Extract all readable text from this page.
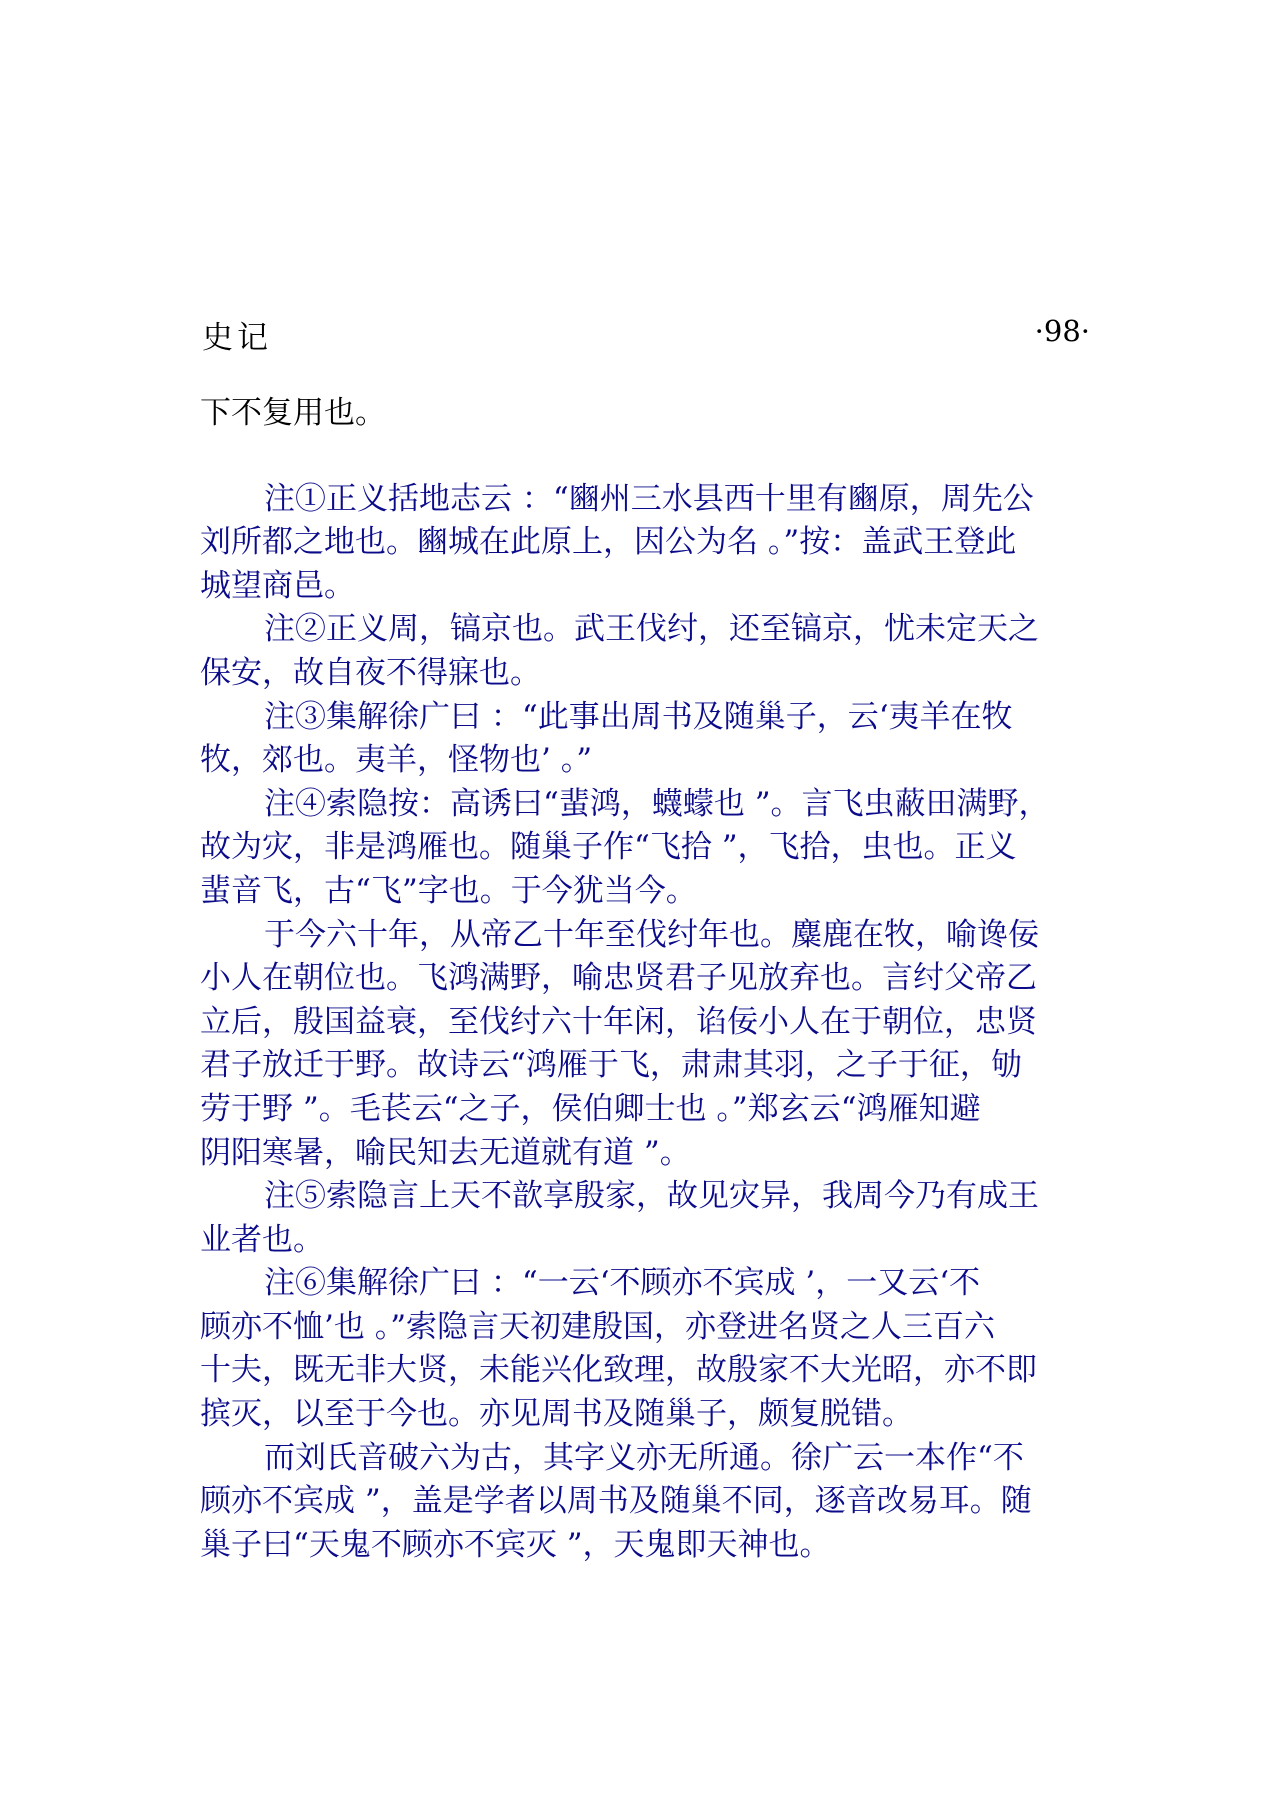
史记	·98·

下不复用也。

注①正义括地志云 ：“豳州三水县西十里有豳原，周先公

刘所都之地也。豳城在此原上，因公为名 。”按：盖武王登此

城望商邑。

注②正义周，镐京也。武王伐纣，还至镐京，忧未定天之

保安，故自夜不得寐也。

注③集解徐广曰 ：“此事出周书及随巢子，云‘夷羊在牧

牧，郊也。夷羊，怪物也’ 。”

注④索隐按：高诱曰“蜚鸿，蠛蠓也 ”。言飞虫蔽田满野，

故为灾，非是鸿雁也。随巢子作“飞拾 ”，飞拾，虫也。正义

蜚音飞，古“飞”字也。于今犹当今。

于今六十年，从帝乙十年至伐纣年也。麋鹿在牧，喻谗佞

小人在朝位也。飞鸿满野，喻忠贤君子见放弃也。言纣父帝乙

立后，殷国益衰，至伐纣六十年闲，谄佞小人在于朝位，忠贤

君子放迁于野。故诗云“鸿雁于飞，肃肃其羽，之子于征，劬

劳于野 ”。毛苌云“之子，侯伯卿士也 。”郑玄云“鸿雁知避

阴阳寒暑，喻民知去无道就有道 ”。

注⑤索隐言上天不歆享殷家，故见灾异，我周今乃有成王

业者也。

注⑥集解徐广曰 ：“一云‘不顾亦不宾成 ’，一又云‘不

顾亦不恤’也 。”索隐言天初建殷国，亦登进名贤之人三百六

十夫，既无非大贤，未能兴化致理，故殷家不大光昭，亦不即

摈灭，以至于今也。亦见周书及随巢子，颇复脱错。

而刘氏音破六为古，其字义亦无所通。徐广云一本作“不

顾亦不宾成 ”，盖是学者以周书及随巢不同，逐音改易耳。随

巢子曰“天鬼不顾亦不宾灭 ”，天鬼即天神也。
